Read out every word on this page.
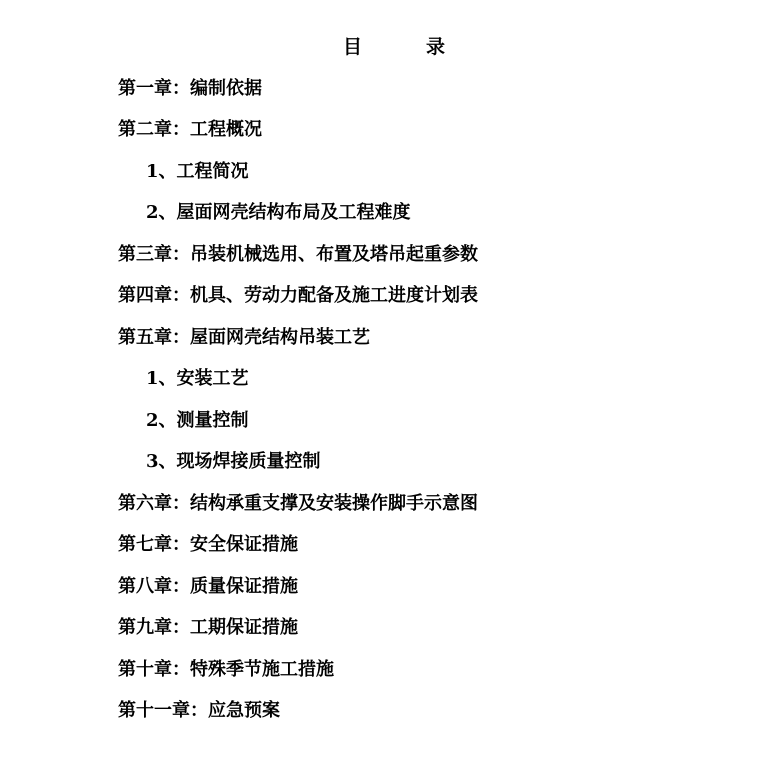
目	录
第一章：编制依据
第二章：工程概况
1、工程简况
2、屋面网壳结构布局及工程难度
第三章：吊装机械选用、布置及塔吊起重参数
第四章：机具、劳动力配备及施工进度计划表
第五章：屋面网壳结构吊装工艺
1、安装工艺
2、测量控制
3、现场焊接质量控制
第六章：结构承重支撑及安装操作脚手示意图
第七章：安全保证措施
第八章：质量保证措施
第九章：工期保证措施
第十章：特殊季节施工措施
第十一章：应急预案
